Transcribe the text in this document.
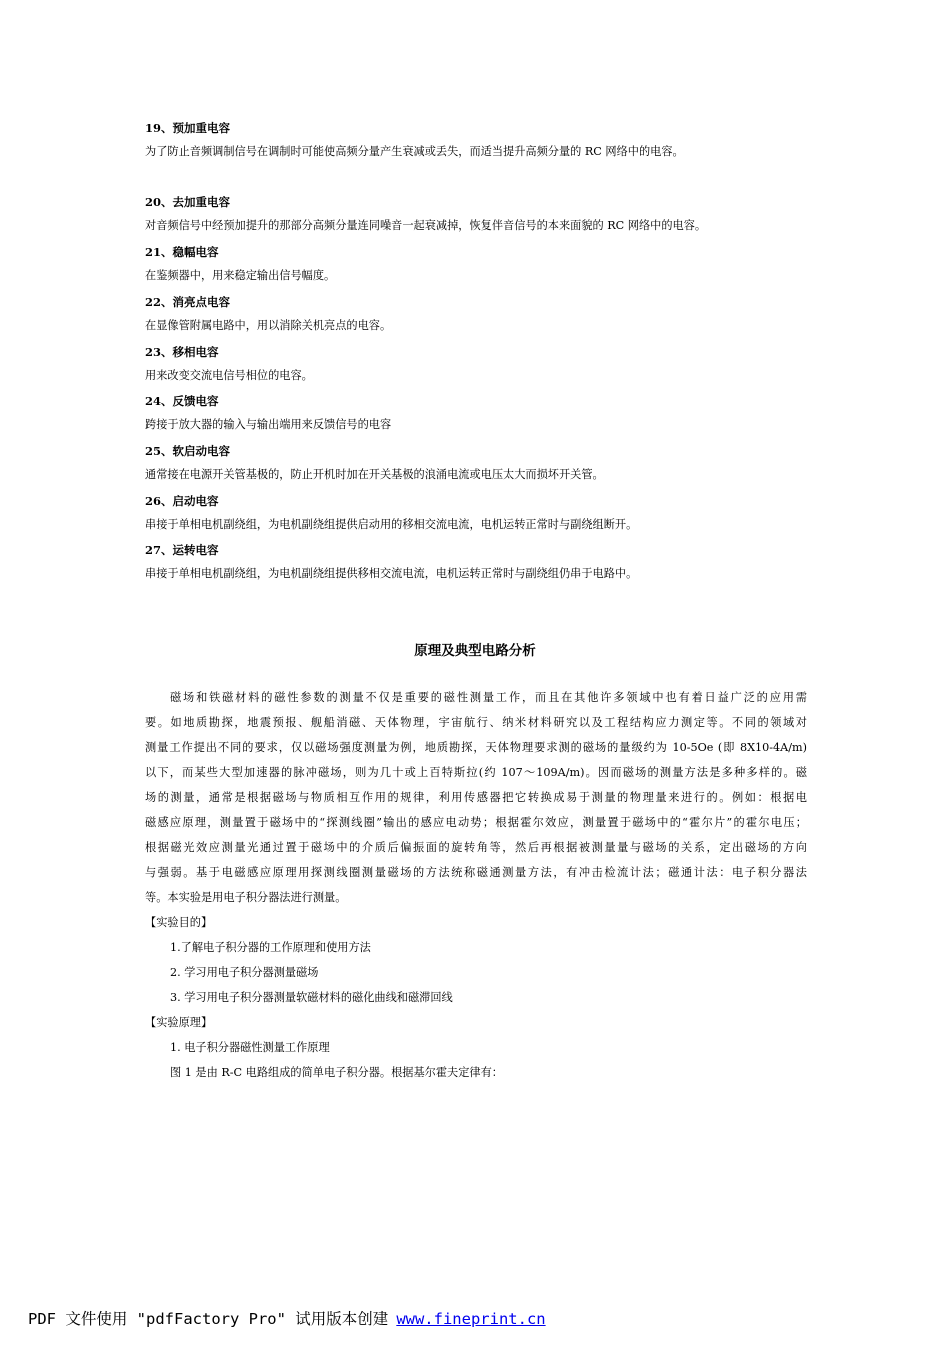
19、预加重电容
为了防止音频调制信号在调制时可能使高频分量产生衰减或丢失，而适当提升高频分量的 RC 网络中的电容。
20、去加重电容
对音频信号中经预加提升的那部分高频分量连同噪音一起衰减掉，恢复伴音信号的本来面貌的 RC 网络中的电容。
21、稳幅电容
在鉴频器中，用来稳定输出信号幅度。
22、消亮点电容
在显像管附属电路中，用以消除关机亮点的电容。
23、移相电容
用来改变交流电信号相位的电容。
24、反馈电容
跨接于放大器的输入与输出端用来反馈信号的电容
25、软启动电容
通常接在电源开关管基极的，防止开机时加在开关基极的浪涌电流或电压太大而损坏开关管。
26、启动电容
串接于单相电机副绕组，为电机副绕组提供启动用的移相交流电流，电机运转正常时与副绕组断开。
27、运转电容
串接于单相电机副绕组，为电机副绕组提供移相交流电流，电机运转正常时与副绕组仍串于电路中。
原理及典型电路分析
磁场和铁磁材料的磁性参数的测量不仅是重要的磁性测量工作，而且在其他许多领域中也有着日益广泛的应用需
要。如地质勘探，地震预报、舰船消磁、天体物理，宇宙航行、纳米材料研究以及工程结构应力测定等。不同的领域对
测量工作提出不同的要求，仅以磁场强度测量为例，地质勘探，天体物理要求测的磁场的量级约为 10-5Oe (即 8X10-4A/m)
以下，而某些大型加速器的脉冲磁场，则为几十或上百特斯拉(约 107～109A/m)。因而磁场的测量方法是多种多样的。磁
场的测量，通常是根据磁场与物质相互作用的规律，利用传感器把它转换成易于测量的物理量来进行的。例如：根据电
磁感应原理，测量置于磁场中的“探测线圈”输出的感应电动势；根据霍尔效应，测量置于磁场中的“霍尔片”的霍尔电压；
根据磁光效应测量光通过置于磁场中的介质后偏振面的旋转角等，然后再根据被测量量与磁场的关系，定出磁场的方向
与强弱。基于电磁感应原理用探测线圈测量磁场的方法统称磁通测量方法，有冲击检流计法；磁通计法：电子积分器法
等。本实验是用电子积分器法进行测量。
【实验目的】
1.了解电子积分器的工作原理和使用方法
2. 学习用电子积分器测量磁场
3. 学习用电子积分器测量软磁材料的磁化曲线和磁滞回线
【实验原理】
1. 电子积分器磁性测量工作原理
图 1 是由 R-C 电路组成的简单电子积分器。根据基尔霍夫定律有：
PDF 文件使用 "pdfFactory Pro" 试用版本创建 www.fineprint.cn
